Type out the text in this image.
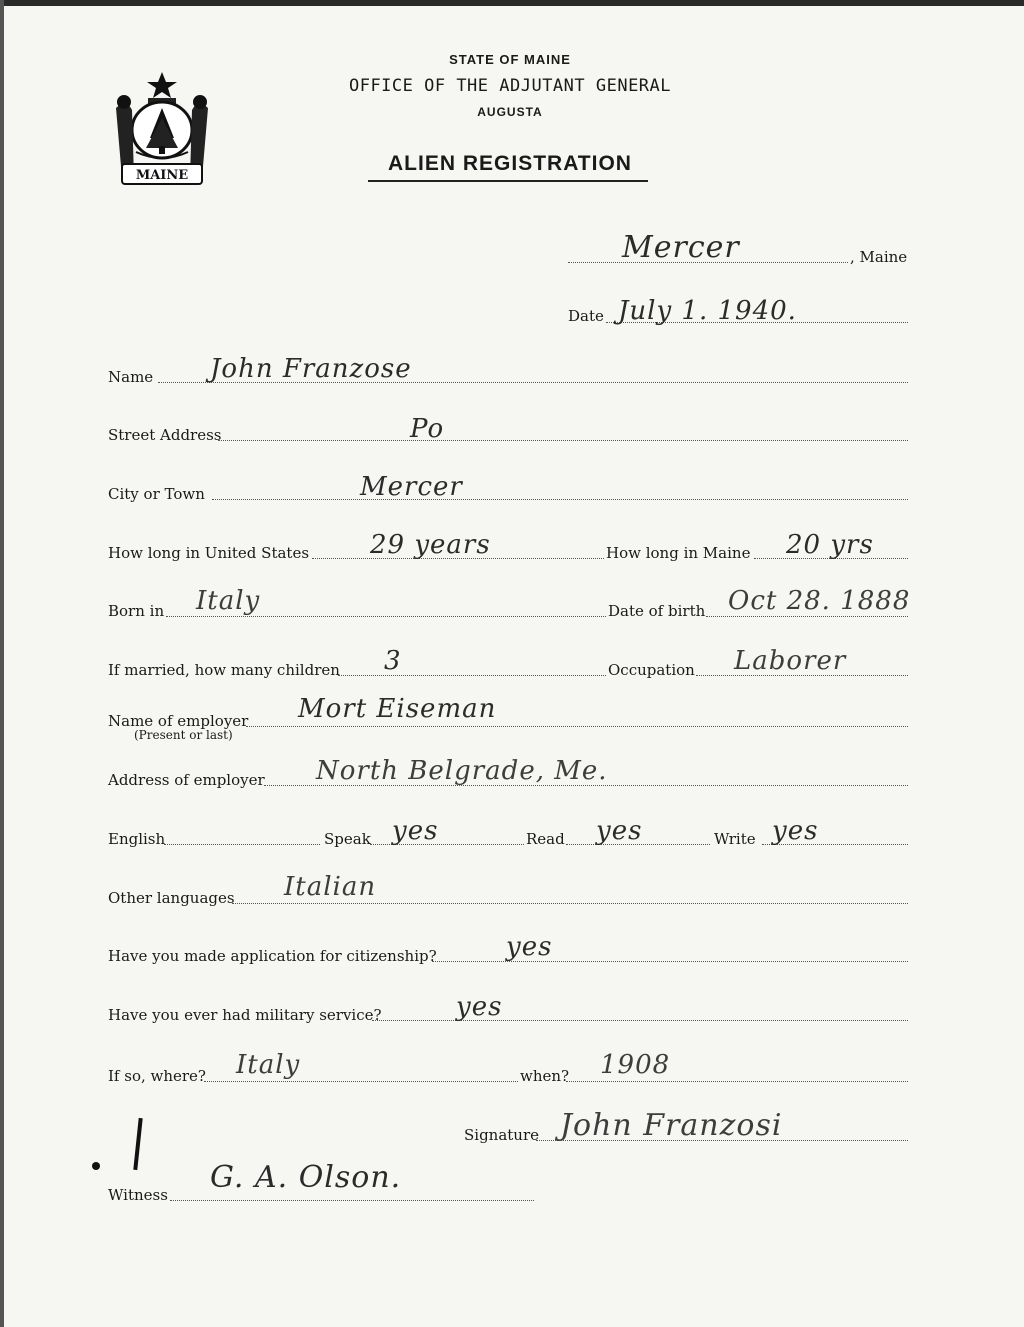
MAINE
STATE OF MAINE
OFFICE OF THE ADJUTANT GENERAL
AUGUSTA
ALIEN REGISTRATION
Mercer	, Maine
Date July 1. 1940.
Name John Franzose
Street Address	Po
City or Town	Mercer
How long in United States 29 years	How long in Maine 20 yrs
Born in Italy	Date of birth Oct 28. 1888
If married, how many children 3	Occupation Laborer
Name of employer
(Present or last)
Mort Eiseman
Address of employer North Belgrade, Me.
English	Speak yes	Read yes	Write yes
Other languages Italian
Have you made application for citizenship?	yes
Have you ever had military service?	yes
If so, where? Italy	when? 1908
Signature John Franzosi
Witness G. A. Olson.
